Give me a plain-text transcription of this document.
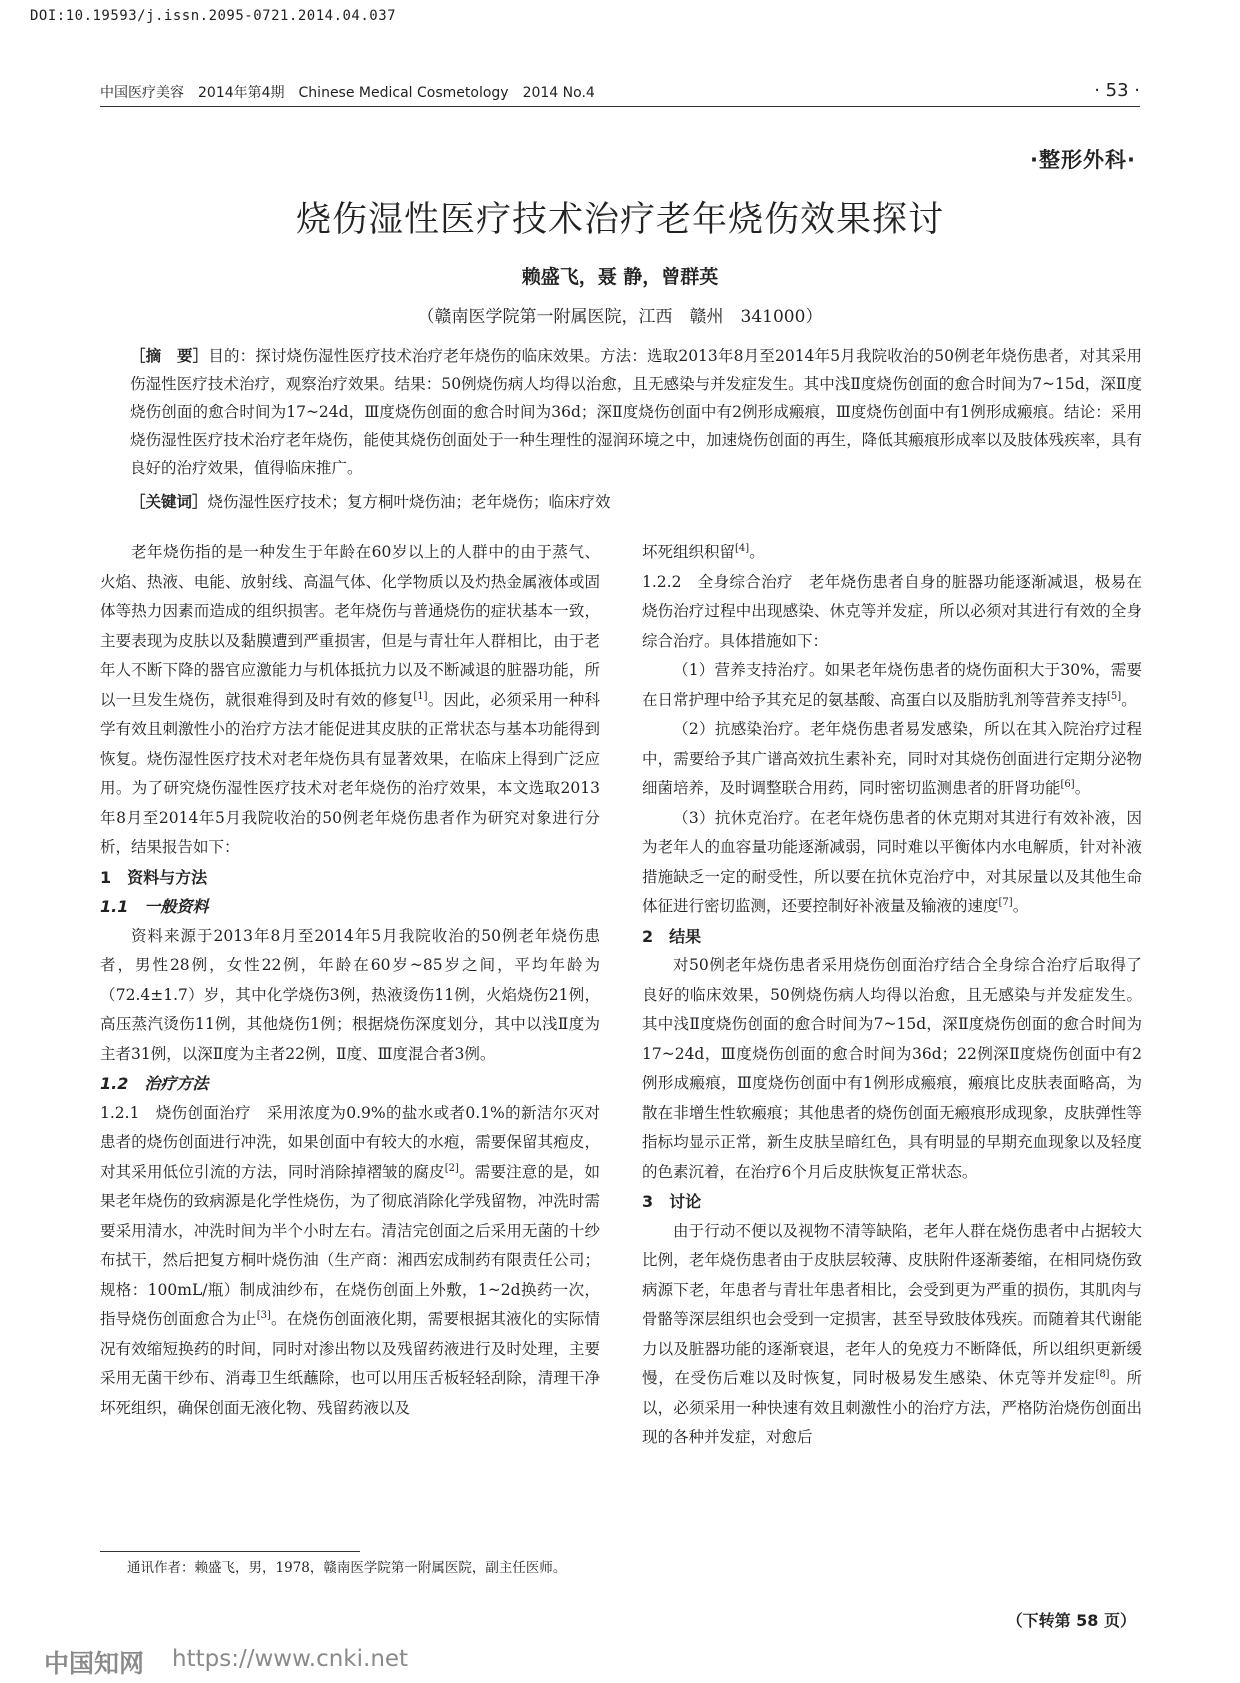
DOI:10.19593/j.issn.2095-0721.2014.04.037
中国医疗美容　2014年第4期　Chinese Medical Cosmetology　2014 No.4	· 53 ·
·整形外科·
烧伤湿性医疗技术治疗老年烧伤效果探讨
赖盛飞，聂 静，曾群英
（赣南医学院第一附属医院，江西　赣州　341000）
［摘　要］目的：探讨烧伤湿性医疗技术治疗老年烧伤的临床效果。方法：选取2013年8月至2014年5月我院收治的50例老年烧伤患者，对其采用伤湿性医疗技术治疗，观察治疗效果。结果：50例烧伤病人均得以治愈，且无感染与并发症发生。其中浅Ⅱ度烧伤创面的愈合时间为7~15d，深Ⅱ度烧伤创面的愈合时间为17~24d，Ⅲ度烧伤创面的愈合时间为36d；深Ⅱ度烧伤创面中有2例形成瘢痕，Ⅲ度烧伤创面中有1例形成瘢痕。结论：采用烧伤湿性医疗技术治疗老年烧伤，能使其烧伤创面处于一种生理性的湿润环境之中，加速烧伤创面的再生，降低其瘢痕形成率以及肢体残疾率，具有良好的治疗效果，值得临床推广。
［关键词］烧伤湿性医疗技术；复方桐叶烧伤油；老年烧伤；临床疗效

老年烧伤指的是一种发生于年龄在60岁以上的人群中的由于蒸气、火焰、热液、电能、放射线、高温气体、化学物质以及灼热金属液体或固体等热力因素而造成的组织损害。老年烧伤与普通烧伤的症状基本一致，主要表现为皮肤以及黏膜遭到严重损害，但是与青壮年人群相比，由于老年人不断下降的器官应激能力与机体抵抗力以及不断减退的脏器功能，所以一旦发生烧伤，就很难得到及时有效的修复[1]。因此，必须采用一种科学有效且刺激性小的治疗方法才能促进其皮肤的正常状态与基本功能得到恢复。烧伤湿性医疗技术对老年烧伤具有显著效果，在临床上得到广泛应用。为了研究烧伤湿性医疗技术对老年烧伤的治疗效果，本文选取2013年8月至2014年5月我院收治的50例老年烧伤患者作为研究对象进行分析，结果报告如下：

1　资料与方法
1.1　一般资料

资料来源于2013年8月至2014年5月我院收治的50例老年烧伤患者，男性28例，女性22例，年龄在60岁~85岁之间，平均年龄为（72.4±1.7）岁，其中化学烧伤3例，热液烫伤11例，火焰烧伤21例，高压蒸汽烫伤11例，其他烧伤1例；根据烧伤深度划分，其中以浅Ⅱ度为主者31例，以深Ⅱ度为主者22例，Ⅱ度、Ⅲ度混合者3例。

1.2　治疗方法

1.2.1　烧伤创面治疗　采用浓度为0.9%的盐水或者0.1%的新洁尔灭对患者的烧伤创面进行冲洗，如果创面中有较大的水疱，需要保留其疱皮，对其采用低位引流的方法，同时消除掉褶皱的腐皮[2]。需要注意的是，如果老年烧伤的致病源是化学性烧伤，为了彻底消除化学残留物，冲洗时需要采用清水，冲洗时间为半个小时左右。清洁完创面之后采用无菌的十纱布拭干，然后把复方桐叶烧伤油（生产商：湘西宏成制药有限责任公司；规格：100mL/瓶）制成油纱布，在烧伤创面上外敷，1~2d换药一次，指导烧伤创面愈合为止[3]。在烧伤创面液化期，需要根据其液化的实际情况有效缩短换药的时间，同时对渗出物以及残留药液进行及时处理，主要采用无菌干纱布、消毒卫生纸蘸除，也可以用压舌板轻轻刮除，清理干净坏死组织，确保创面无液化物、残留药液以及

坏死组织积留[4]。

1.2.2　全身综合治疗　老年烧伤患者自身的脏器功能逐渐减退，极易在烧伤治疗过程中出现感染、休克等并发症，所以必须对其进行有效的全身综合治疗。具体措施如下：

（1）营养支持治疗。如果老年烧伤患者的烧伤面积大于30%，需要在日常护理中给予其充足的氨基酸、高蛋白以及脂肪乳剂等营养支持[5]。

（2）抗感染治疗。老年烧伤患者易发感染，所以在其入院治疗过程中，需要给予其广谱高效抗生素补充，同时对其烧伤创面进行定期分泌物细菌培养，及时调整联合用药，同时密切监测患者的肝肾功能[6]。

（3）抗休克治疗。在老年烧伤患者的休克期对其进行有效补液，因为老年人的血容量功能逐渐减弱，同时难以平衡体内水电解质，针对补液措施缺乏一定的耐受性，所以要在抗休克治疗中，对其尿量以及其他生命体征进行密切监测，还要控制好补液量及输液的速度[7]。

2　结果

对50例老年烧伤患者采用烧伤创面治疗结合全身综合治疗后取得了良好的临床效果，50例烧伤病人均得以治愈，且无感染与并发症发生。其中浅Ⅱ度烧伤创面的愈合时间为7~15d，深Ⅱ度烧伤创面的愈合时间为17~24d，Ⅲ度烧伤创面的愈合时间为36d；22例深Ⅱ度烧伤创面中有2例形成瘢痕，Ⅲ度烧伤创面中有1例形成瘢痕，瘢痕比皮肤表面略高，为散在非增生性软瘢痕；其他患者的烧伤创面无瘢痕形成现象，皮肤弹性等指标均显示正常，新生皮肤呈暗红色，具有明显的早期充血现象以及轻度的色素沉着，在治疗6个月后皮肤恢复正常状态。

3　讨论

由于行动不便以及视物不清等缺陷，老年人群在烧伤患者中占据较大比例，老年烧伤患者由于皮肤层较薄、皮肤附件逐渐萎缩，在相同烧伤致病源下老，年患者与青壮年患者相比，会受到更为严重的损伤，其肌肉与骨骼等深层组织也会受到一定损害，甚至导致肢体残疾。而随着其代谢能力以及脏器功能的逐渐衰退，老年人的免疫力不断降低，所以组织更新缓慢，在受伤后难以及时恢复，同时极易发生感染、休克等并发症[8]。所以，必须采用一种快速有效且刺激性小的治疗方法，严格防治烧伤创面出现的各种并发症，对愈后

通讯作者：赖盛飞，男，1978，赣南医学院第一附属医院，副主任医师。
（下转第 58 页）
中国知网 https://www.cnki.net
